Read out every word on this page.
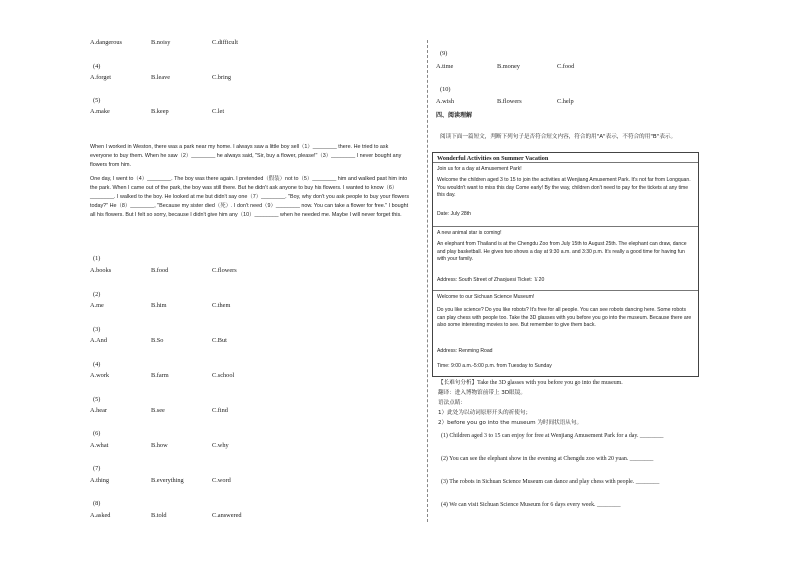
A.dangerous	B.noisy	C.difficult
(4)
A.forget	B.leave	C.bring
(5)
A.make	B.keep	C.let

When I worked in Weston, there was a park near my home. I always saw a little boy sell（1）________ there. He tried to ask everyone to buy them. When he saw（2）________ he always said, "Sir, buy a flower, please!"（3）________ I never bought any flowers from him.

One day, I went to（4）________. The boy was there again. I pretended（假装）not to（5）________ him and walked past him into the park. When I came out of the park, the boy was still there. But he didn't ask anyone to buy his flowers. I wanted to know（6）________. I walked to the boy. He looked at me but didn't say one（7）________. "Boy, why don't you ask people to buy your flowers today?" He（8）________, "Because my sister died（死）. I don't need（9）________ now. You can take a flower for free." I bought all his flowers. But I felt so sorry, because I didn't give him any（10）________ when he needed me. Maybe I will never forget this.

(1)
A.books	B.food	C.flowers
(2)
A.me	B.him	C.them
(3)
A.And	B.So	C.But
(4)
A.work	B.farm	C.school
(5)
A.hear	B.see	C.find
(6)
A.what	B.how	C.why
(7)
A.thing	B.everything	C.word
(8)
A.asked	B.told	C.answered
(9)
A.time	B.money	C.food
(10)
A.wish	B.flowers	C.help
四、阅读理解
阅读下面一篇短文，判断下列句子是否符合短文内容，符合的用"A"表示，不符合的用"B"表示。
Wonderful Activities on Summer Vacation
Join us for a day at Amusement Park!
Welcome the children aged 3 to 15 to join the activities at Wenjiang Amusement Park. It's not far from Longquan. You wouldn't want to miss this day Come early! By the way, children don't need to pay for the tickets at any time this day.
Date: July 28th
A new animal star is coming!
An elephant from Thailand is at the Chengdu Zoo from July 15th to August 25th. The elephant can draw, dance and play basketball. He gives two shows a day at 9:30 a.m. and 3:30 p.m. It's really a good time for having fun with your family.
Address: South Street of Zhaojuesi Ticket: ￥20
Welcome to our Sichuan Science Museum!
Do you like science? Do you like robots? It's free for all people. You can see robots dancing here. Some robots can play chess with people too. Take the 3D glasses with you before you go into the museum. Because there are also some interesting movies to see. But remember to give them back.
Address: Renming Road
Time: 9:00 a.m.-5:00 p.m. from Tuesday to Sunday
【长难句分析】Take the 3D glasses with you before you go into the museum.
翻译：进入博物馆前带上 3D眼镜。
语法点睛：
1）此处为以动词原形开头的祈使句；
2）before you go into the museum 为时间状语从句。
(1) Children aged 3 to 15 can enjoy for free at Wenjiang Amusement Park for a day. ________
(2) You can see the elephant show in the evening at Chengdu zoo with 20 yuan. ________
(3) The robots in Sichuan Science Museum can dance and play chess with people. ________
(4) We can visit Sichuan Science Museum for 6 days every week. ________
